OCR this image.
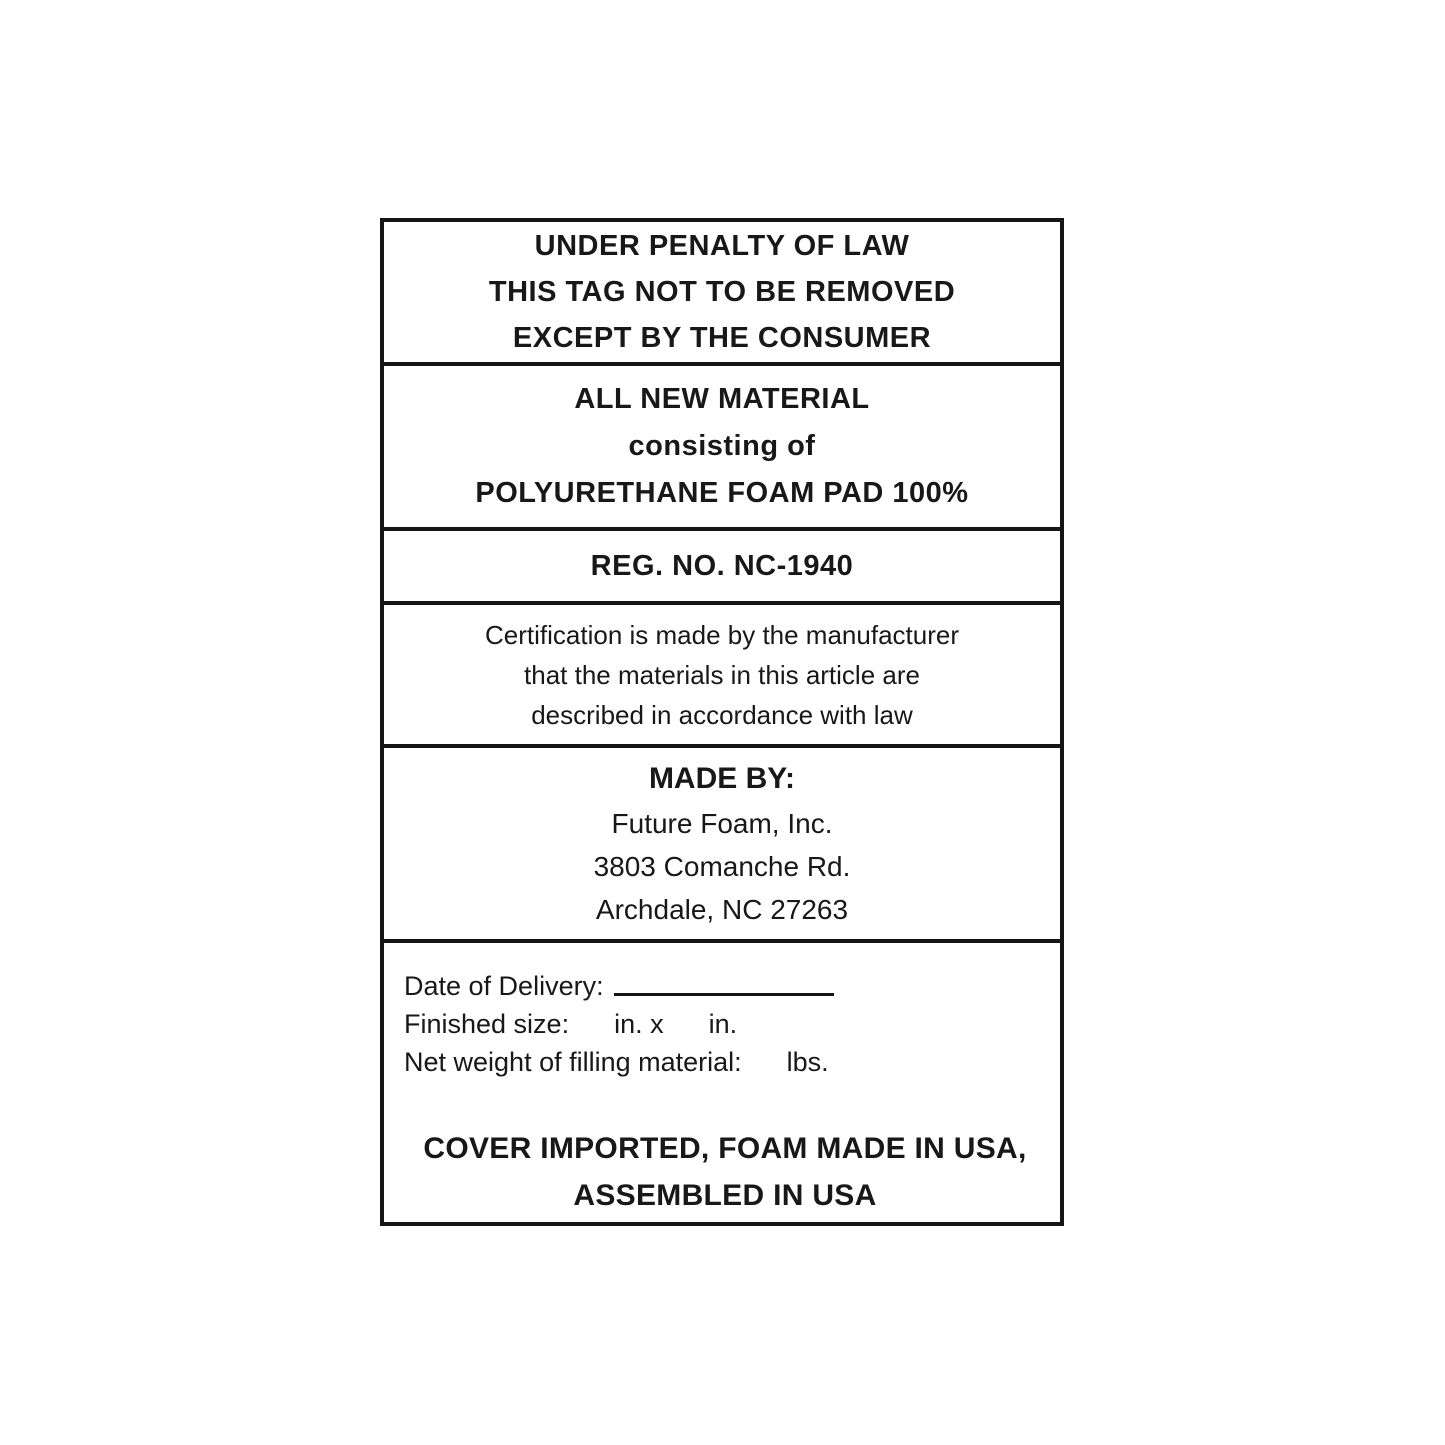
UNDER PENALTY OF LAW
THIS TAG NOT TO BE REMOVED
EXCEPT BY THE CONSUMER
ALL NEW MATERIAL
consisting of
POLYURETHANE FOAM PAD 100%
REG. NO. NC-1940
Certification is made by the manufacturer
that the materials in this article are
described in accordance with law
MADE BY:
Future Foam, Inc.
3803 Comanche Rd.
Archdale, NC 27263
Date of Delivery:
Finished size:      in. x      in.
Net weight of filling material:      lbs.
COVER IMPORTED, FOAM MADE IN USA,
ASSEMBLED IN USA
